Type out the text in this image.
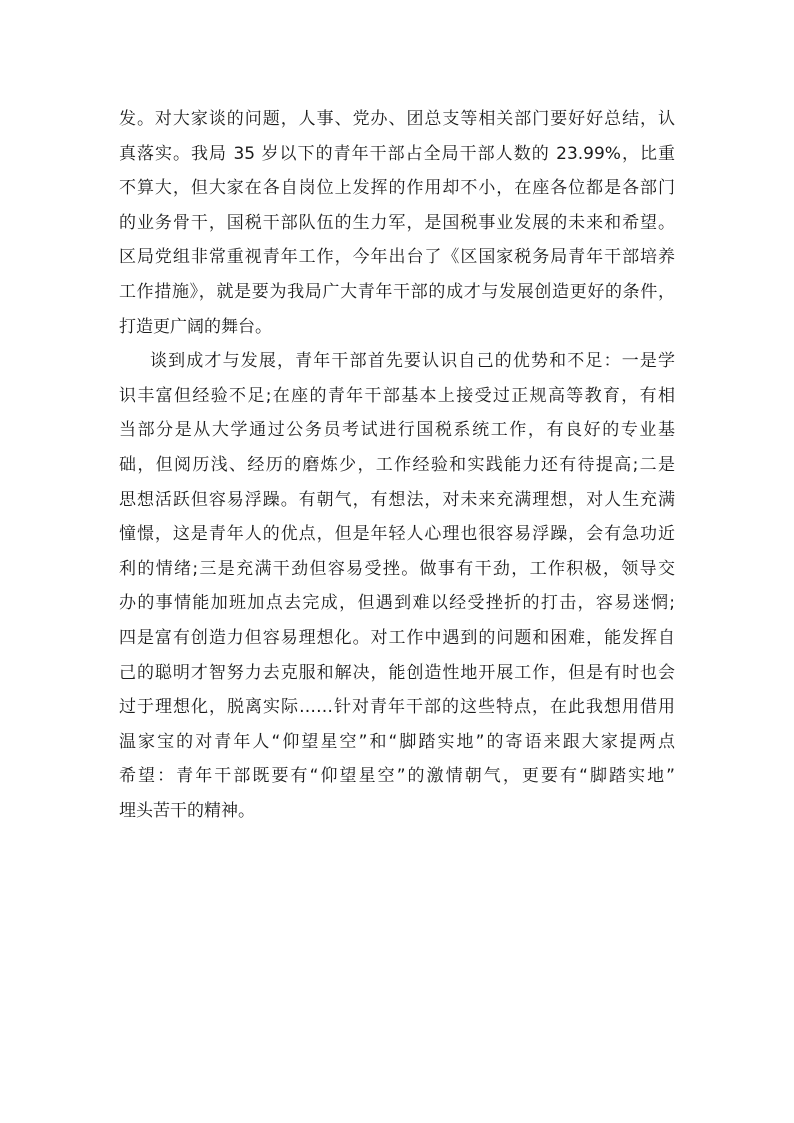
发。对大家谈的问题，人事、党办、团总支等相关部门要好好总结，认
真落实。我局 35 岁以下的青年干部占全局干部人数的 23.99%，比重
不算大，但大家在各自岗位上发挥的作用却不小，在座各位都是各部门
的业务骨干，国税干部队伍的生力军，是国税事业发展的未来和希望。
区局党组非常重视青年工作，今年出台了《区国家税务局青年干部培养
工作措施》，就是要为我局广大青年干部的成才与发展创造更好的条件，
打造更广阔的舞台。
谈到成才与发展，青年干部首先要认识自己的优势和不足：一是学
识丰富但经验不足;在座的青年干部基本上接受过正规高等教育，有相
当部分是从大学通过公务员考试进行国税系统工作，有良好的专业基
础，但阅历浅、经历的磨炼少，工作经验和实践能力还有待提高;二是
思想活跃但容易浮躁。有朝气，有想法，对未来充满理想，对人生充满
憧憬，这是青年人的优点，但是年轻人心理也很容易浮躁，会有急功近
利的情绪;三是充满干劲但容易受挫。做事有干劲，工作积极，领导交
办的事情能加班加点去完成，但遇到难以经受挫折的打击，容易迷惘;
四是富有创造力但容易理想化。对工作中遇到的问题和困难，能发挥自
己的聪明才智努力去克服和解决，能创造性地开展工作，但是有时也会
过于理想化，脱离实际……针对青年干部的这些特点，在此我想用借用
温家宝的对青年人“仰望星空”和“脚踏实地”的寄语来跟大家提两点
希望：青年干部既要有“仰望星空”的激情朝气，更要有“脚踏实地”
埋头苦干的精神。
